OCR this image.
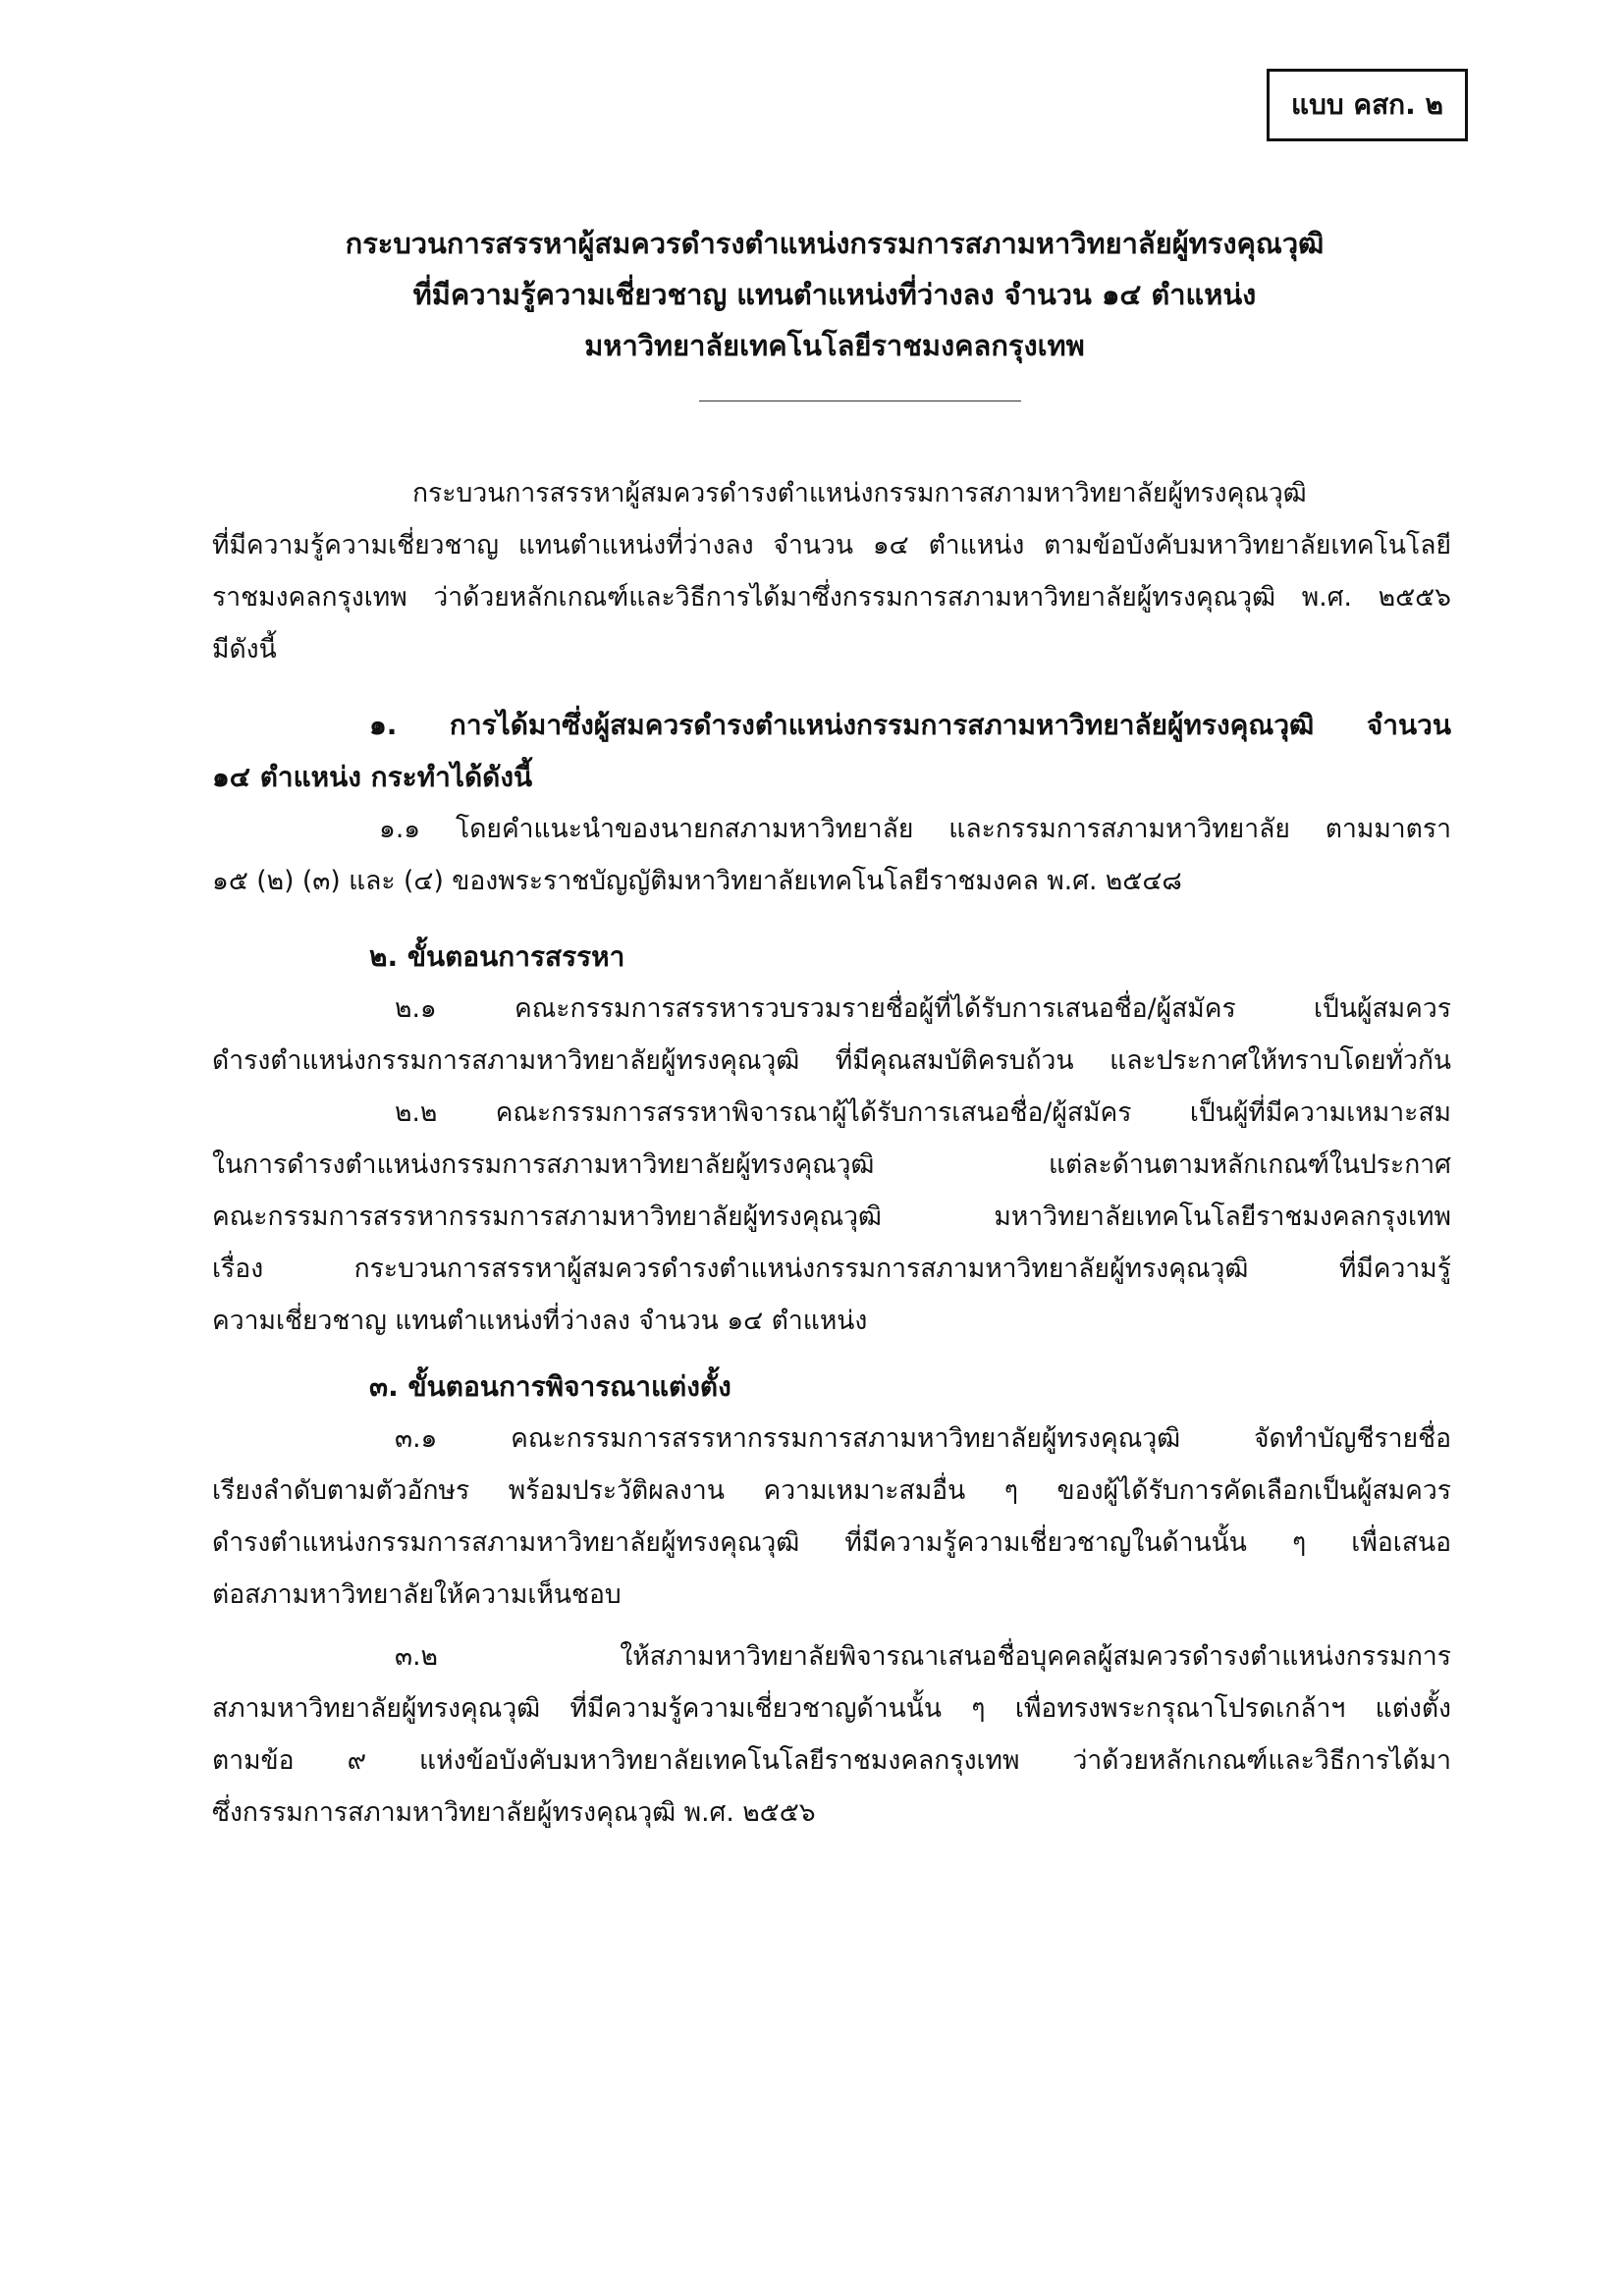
แบบ คสก. ๒
กระบวนการสรรหาผู้สมควรดำรงตำแหน่งกรรมการสภามหาวิทยาลัยผู้ทรงคุณวุฒิ
ที่มีความรู้ความเชี่ยวชาญ แทนตำแหน่งที่ว่างลง จำนวน ๑๔ ตำแหน่ง
มหาวิทยาลัยเทคโนโลยีราชมงคลกรุงเทพ
กระบวนการสรรหาผู้สมควรดำรงตำแหน่งกรรมการสภามหาวิทยาลัยผู้ทรงคุณวุฒิ
ที่มีความรู้ความเชี่ยวชาญ แทนตำแหน่งที่ว่างลง จำนวน ๑๔ ตำแหน่ง ตามข้อบังคับมหาวิทยาลัยเทคโนโลยี
ราชมงคลกรุงเทพ ว่าด้วยหลักเกณฑ์และวิธีการได้มาซึ่งกรรมการสภามหาวิทยาลัยผู้ทรงคุณวุฒิ พ.ศ. ๒๕๕๖
มีดังนี้
๑. การได้มาซึ่งผู้สมควรดำรงตำแหน่งกรรมการสภามหาวิทยาลัยผู้ทรงคุณวุฒิ จำนวน
๑๔ ตำแหน่ง กระทำได้ดังนี้
๑.๑ โดยคำแนะนำของนายกสภามหาวิทยาลัย และกรรมการสภามหาวิทยาลัย ตามมาตรา
๑๕ (๒) (๓) และ (๔) ของพระราชบัญญัติมหาวิทยาลัยเทคโนโลยีราชมงคล พ.ศ. ๒๕๔๘
๒. ขั้นตอนการสรรหา
๒.๑ คณะกรรมการสรรหารวบรวมรายชื่อผู้ที่ได้รับการเสนอชื่อ/ผู้สมัคร เป็นผู้สมควร
ดำรงตำแหน่งกรรมการสภามหาวิทยาลัยผู้ทรงคุณวุฒิ ที่มีคุณสมบัติครบถ้วน และประกาศให้ทราบโดยทั่วกัน
๒.๒ คณะกรรมการสรรหาพิจารณาผู้ได้รับการเสนอชื่อ/ผู้สมัคร เป็นผู้ที่มีความเหมาะสม
ในการดำรงตำแหน่งกรรมการสภามหาวิทยาลัยผู้ทรงคุณวุฒิ แต่ละด้านตามหลักเกณฑ์ในประกาศ
คณะกรรมการสรรหากรรมการสภามหาวิทยาลัยผู้ทรงคุณวุฒิ มหาวิทยาลัยเทคโนโลยีราชมงคลกรุงเทพ
เรื่อง กระบวนการสรรหาผู้สมควรดำรงตำแหน่งกรรมการสภามหาวิทยาลัยผู้ทรงคุณวุฒิ ที่มีความรู้
ความเชี่ยวชาญ แทนตำแหน่งที่ว่างลง จำนวน ๑๔ ตำแหน่ง
๓. ขั้นตอนการพิจารณาแต่งตั้ง
๓.๑ คณะกรรมการสรรหากรรมการสภามหาวิทยาลัยผู้ทรงคุณวุฒิ จัดทำบัญชีรายชื่อ
เรียงลำดับตามตัวอักษร พร้อมประวัติผลงาน ความเหมาะสมอื่น ๆ ของผู้ได้รับการคัดเลือกเป็นผู้สมควร
ดำรงตำแหน่งกรรมการสภามหาวิทยาลัยผู้ทรงคุณวุฒิ ที่มีความรู้ความเชี่ยวชาญในด้านนั้น ๆ เพื่อเสนอ
ต่อสภามหาวิทยาลัยให้ความเห็นชอบ
๓.๒ ให้สภามหาวิทยาลัยพิจารณาเสนอชื่อบุคคลผู้สมควรดำรงตำแหน่งกรรมการ
สภามหาวิทยาลัยผู้ทรงคุณวุฒิ ที่มีความรู้ความเชี่ยวชาญด้านนั้น ๆ เพื่อทรงพระกรุณาโปรดเกล้าฯ แต่งตั้ง
ตามข้อ ๙ แห่งข้อบังคับมหาวิทยาลัยเทคโนโลยีราชมงคลกรุงเทพ ว่าด้วยหลักเกณฑ์และวิธีการได้มา
ซึ่งกรรมการสภามหาวิทยาลัยผู้ทรงคุณวุฒิ พ.ศ. ๒๕๕๖
